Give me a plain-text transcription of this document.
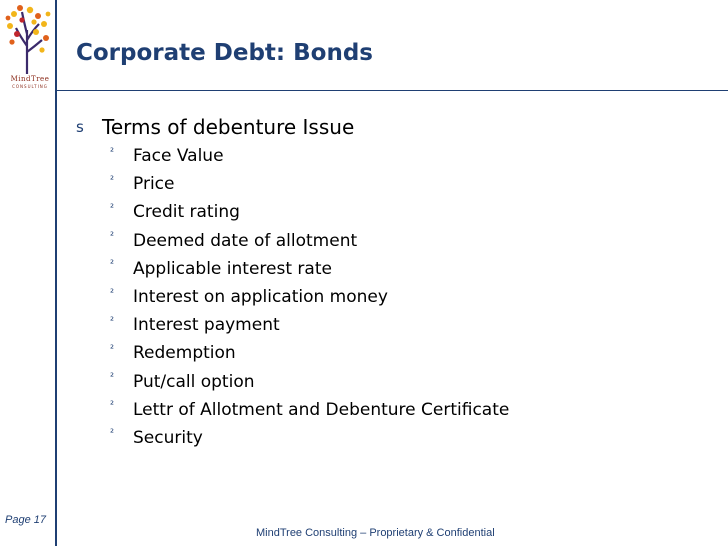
MindTree
CONSULTING
Corporate Debt: Bonds
s Terms of debenture Issue
²	Face Value
²	Price
²	Credit rating
²	Deemed date of allotment
²	Applicable interest rate
²	Interest on application money
²	Interest payment
²	Redemption
²	Put/call option
²	Lettr of Allotment and Debenture Certificate
²	Security
Page 17
MindTree Consulting – Proprietary & Confidential
